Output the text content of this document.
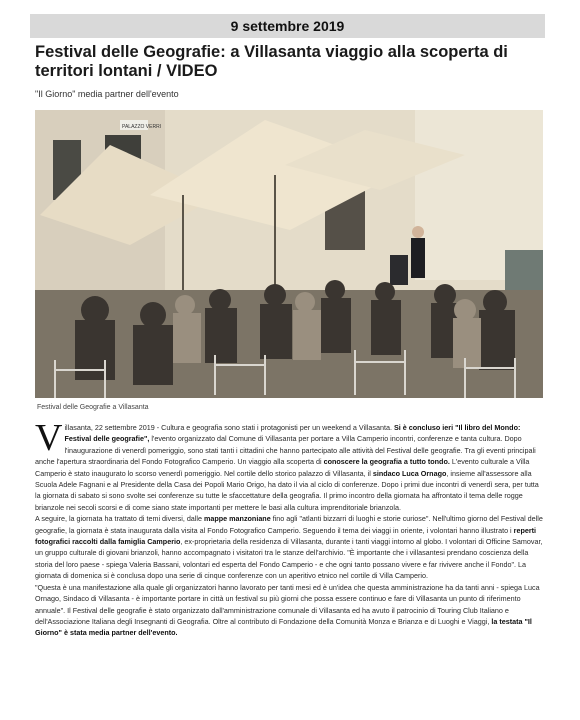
9 settembre 2019
Festival delle Geografie: a Villasanta viaggio alla scoperta di territori lontani / VIDEO
"Il Giorno" media partner dell'evento
PALAZZO VERRI
Festival delle Geografie a Villasanta

V illasanta, 22 settembre 2019 - Cultura e geografia sono stati i protagonisti per un weekend a Villasanta. Si è concluso ieri "Il libro del Mondo: Festival delle geografie", l'evento organizzato dal Comune di Villasanta per portare a Villa Camperio incontri, conferenze e tanta cultura. Dopo l'inaugurazione di venerdì pomeriggio, sono stati tanti i cittadini che hanno partecipato alle attività del Festival delle geografie. Tra gli eventi principali anche l'apertura straordinaria del Fondo Fotografico Camperio. Un viaggio alla scoperta di conoscere la geografia a tutto tondo. L'evento culturale a Villa Camperio è stato inaugurato lo scorso venerdì pomeriggio. Nel cortile dello storico palazzo di Villasanta, il sindaco Luca Ornago, insieme all'assessore alla Scuola Adele Fagnani e al Presidente della Casa dei Popoli Mario Origo, ha dato il via al ciclo di conferenze. Dopo i primi due incontri di venerdì sera, per tutta la giornata di sabato si sono svolte sei conferenze su tutte le sfaccettature della geografia. Il primo incontro della giornata ha affrontato il tema delle rogge brianzole nei secoli scorsi e di come siano state importanti per mettere le basi alla cultura imprenditoriale brianzola.

A seguire, la giornata ha trattato di temi diversi, dalle mappe manzoniane fino agli "atlanti bizzarri di luoghi e storie curiose". Nell'ultimo giorno del Festival delle geografie, la giornata è stata inaugurata dalla visita al Fondo Fotografico Camperio. Seguendo il tema dei viaggi in oriente, i volontari hanno illustrato i reperti fotografici raccolti dalla famiglia Camperio, ex-proprietaria della residenza di Villasanta, durante i tanti viaggi intorno al globo. I volontari di Officine Samovar, un gruppo culturale di giovani brianzoli, hanno accompagnato i visitatori tra le stanze dell'archivio. "È importante che i villasantesi prendano coscienza della storia del loro paese - spiega Valeria Bassani, volontari ed esperta del Fondo Camperio - e che ogni tanto possano vivere e far rivivere anche il Fondo". La giornata di domenica si è conclusa dopo una serie di cinque conferenze con un aperitivo etnico nel cortile di Villa Camperio.

"Questa è una manifestazione alla quale gli organizzatori hanno lavorato per tanti mesi ed è un'idea che questa amministrazione ha da tanti anni - spiega Luca Ornago, Sindaco di Villasanta - è importante portare in città un festival su più giorni che possa essere continuo e fare di Villasanta un punto di riferimento annuale". Il Festival delle geografie è stato organizzato dall'amministrazione comunale di Villasanta ed ha avuto il patrocinio di Touring Club Italiano e dell'Associazione Italiana degli Insegnanti di Geografia. Oltre al contributo di Fondazione della Comunità Monza e Brianza e di Luoghi e Viaggi, la testata "Il Giorno" è stata media partner dell'evento.
